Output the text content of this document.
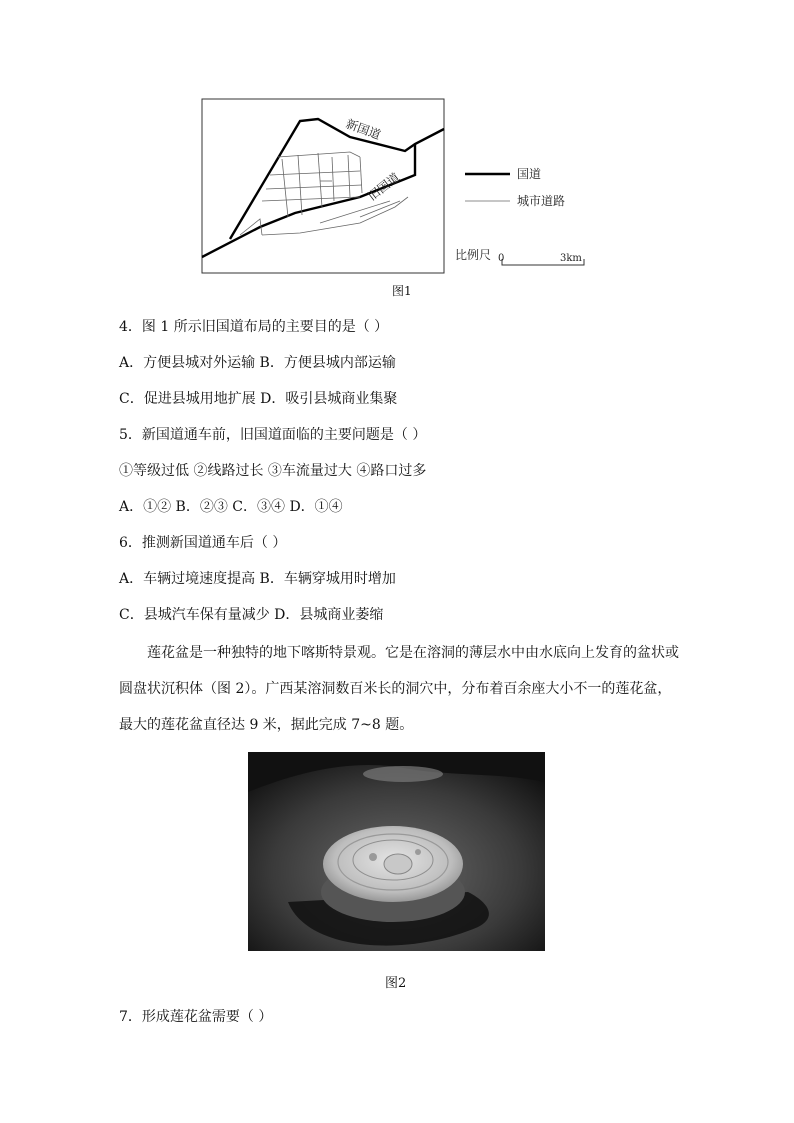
新国道
旧国道	国道
城市道路
比例尺 0	3km
图1
4．图 1 所示旧国道布局的主要目的是（ ）
A．方便县城对外运输 B．方便县城内部运输
C．促进县城用地扩展 D．吸引县城商业集聚
5．新国道通车前，旧国道面临的主要问题是（ ）
①等级过低 ②线路过长 ③车流量过大 ④路口过多
A．①② B．②③ C．③④ D．①④
6．推测新国道通车后（ ）
A．车辆过境速度提高 B．车辆穿城用时增加
C．县城汽车保有量减少 D．县城商业萎缩
莲花盆是一种独特的地下喀斯特景观。它是在溶洞的薄层水中由水底向上发育的盆状或
圆盘状沉积体（图 2）。广西某溶洞数百米长的洞穴中，分布着百余座大小不一的莲花盆，
最大的莲花盆直径达 9 米，据此完成 7~8 题。
图2
7．形成莲花盆需要（ ）
